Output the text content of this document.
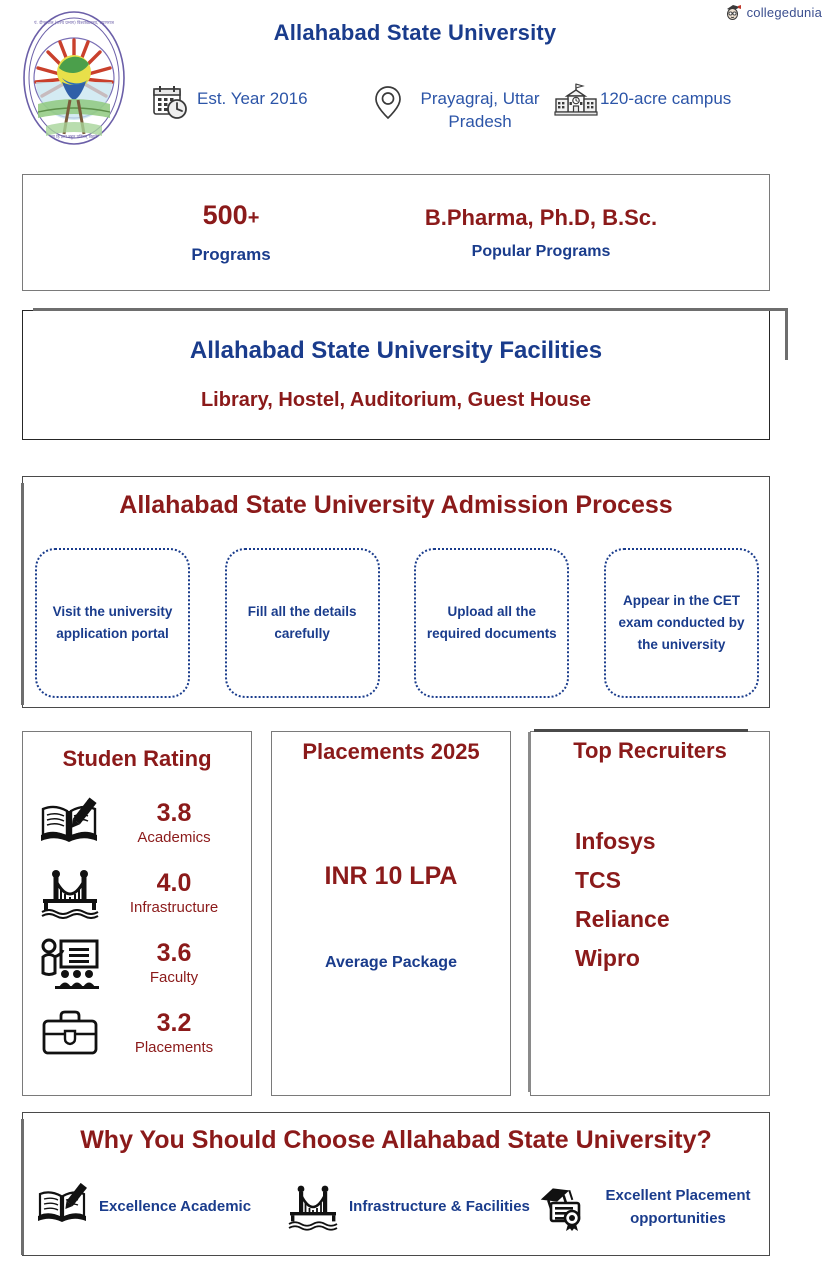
पं. दीनदयाल (राज्य प्रभाग) विश्वविद्यालय, प्रयागराज
सा हि ज्ञान बहुत पवित्रम् विद्यते
collegedunia
Allahabad State University
Est. Year 2016	Prayagraj, Uttar Pradesh
120-acre campus
500+
Programs
B.Pharma, Ph.D, B.Sc.
Popular Programs
Allahabad State University Facilities
Library, Hostel, Auditorium, Guest House
Allahabad State University Admission Process
Visit the university application portal
Fill all the details carefully
Upload all the required documents
Appear in the CET exam conducted by the university
Studen Rating
3.8
Academics
4.0
Infrastructure
3.6
Faculty
3.2
Placements
Placements 2025
INR 10 LPA
Average Package
Top Recruiters
Infosys
TCS
Reliance
Wipro
Why You Should Choose Allahabad State University?
Excellence Academic	Infrastructure & Facilities
Excellent Placement opportunities
